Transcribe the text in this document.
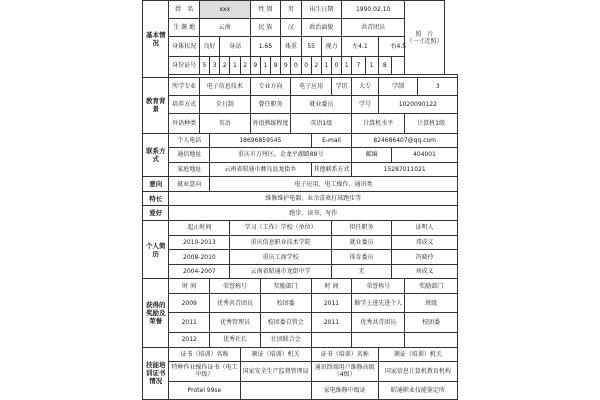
基本情况	姓　名	xxx					性 别			男		出生日期				1990.02.10					照　片
（一寸近照）	
	生 源 地	云南					民 族			汉		政治面貌				共青团员						
	身体状况	良好		身高			1.65			体重		55		视力		左4.1			右4.5			
	身份证号	5	3	2	1	2	9	1	9	9	0	0	2	1	0	1	7	1	8			

教育背景	所学专业	电子信息技术					专业方向				电子应用				学历		大专		学制			3
	培养方式	全日制					曾任职务				就业委员						学号		1020090122			
	外语种类	英语					外语熟练程度				英语1级						计算机水平				计算机1级	
联系方式	个人电话		18696859545										E-mail				824686407@qq.com					
	通信地址		重庆市万州区，金龙平湖路88号														邮编			404001		
	家庭地址		云南省昭通市彝良县龙街乡										其他联系方式				15287011021					
意向	就业意向		电子应用、电工操作、通讯类																			
特长	维修维护电器，业余喜欢打球跑步等																					
爱好	跑步、读书、写作																					
个人简历	起止时间				学习（工作）学校（单位）										担任职务					证明人		
	2010-2013				重庆信息职业技术学院										就业委员					邓成义		
	2008-2010				重庆工商学校										体育委员					冯晓玲		
	2004-2007				云南省昭通市龙街中学										无					刘成义		
获得的奖励及荣誉	时 间		荣誉称号					奖励部门					时 间				荣誉称号				奖励部门	
	2009		优秀共青团员					校团委					2011				勤学上进先进个人				班级	
	2011		优秀管理员					校团委自管会					2011				优秀共青团员				校团委	
	2012		优秀社长					社团联合会														
技能培训证书情况	证书（培训）名称					颁证（培训）机关							证书（培训）名称						颁证（培训）机关			
	特种作业操作证书（电工中级）					国家安全生产监督管理局							通讯终端用户维修高级（4级）						国家信息计算机教育机构			
	Protel 99se												家电维修中级证						昭通职业技能鉴定所			
